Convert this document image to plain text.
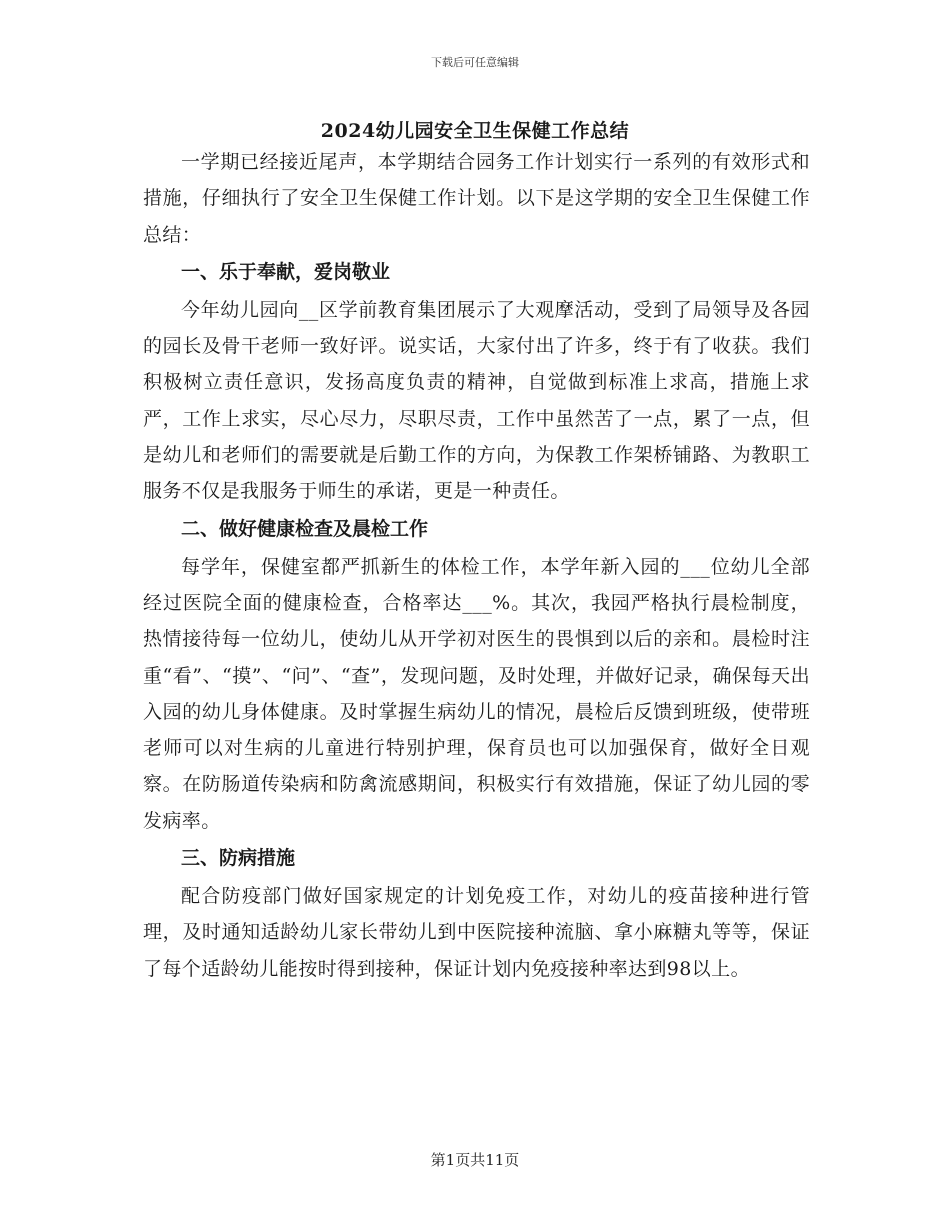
下载后可任意编辑
2024幼儿园安全卫生保健工作总结

一学期已经接近尾声，本学期结合园务工作计划实行一系列的有效形式和措施，仔细执行了安全卫生保健工作计划。以下是这学期的安全卫生保健工作总结：

一、乐于奉献，爱岗敬业

今年幼儿园向__区学前教育集团展示了大观摩活动，受到了局领导及各园的园长及骨干老师一致好评。说实话，大家付出了许多，终于有了收获。我们积极树立责任意识，发扬高度负责的精神，自觉做到标准上求高，措施上求严，工作上求实，尽心尽力，尽职尽责，工作中虽然苦了一点，累了一点，但是幼儿和老师们的需要就是后勤工作的方向，为保教工作架桥铺路、为教职工服务不仅是我服务于师生的承诺，更是一种责任。

二、做好健康检查及晨检工作

每学年，保健室都严抓新生的体检工作，本学年新入园的___位幼儿全部经过医院全面的健康检查，合格率达___%。其次，我园严格执行晨检制度，热情接待每一位幼儿，使幼儿从开学初对医生的畏惧到以后的亲和。晨检时注重“看”、“摸”、“问”、“查”，发现问题，及时处理，并做好记录，确保每天出入园的幼儿身体健康。及时掌握生病幼儿的情况，晨检后反馈到班级，使带班老师可以对生病的儿童进行特别护理，保育员也可以加强保育，做好全日观察。在防肠道传染病和防禽流感期间，积极实行有效措施，保证了幼儿园的零发病率。

三、防病措施

配合防疫部门做好国家规定的计划免疫工作，对幼儿的疫苗接种进行管理，及时通知适龄幼儿家长带幼儿到中医院接种流脑、拿小麻糖丸等等，保证了每个适龄幼儿能按时得到接种，保证计划内免疫接种率达到98以上。

第1页共11页
